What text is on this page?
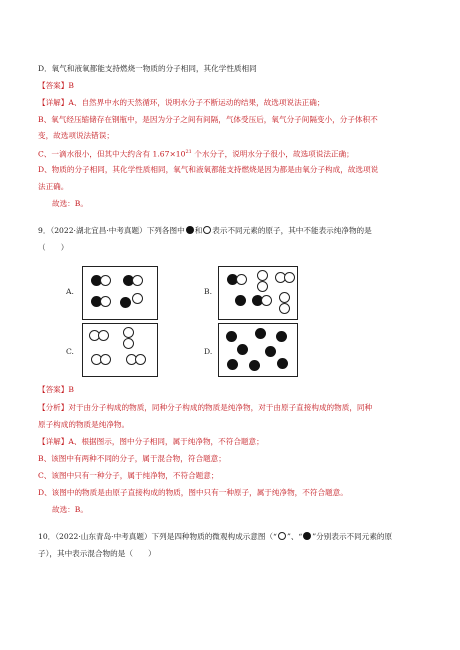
D．氧气和液氧都能支持燃烧一物质的分子相同，其化学性质相同
【答案】B
【详解】A、自然界中水的天然循环，说明水分子不断运动的结果，故选项说法正确；
B、氧气经压缩储存在钢瓶中，是因为分子之间有间隔，气体受压后，氧气分子间隔变小，分子体积不
变，故选项说法错误；
C、一滴水很小，但其中大约含有 $1.67\times 10^{21}$ 个水分子，说明水分子很小，故选项说法正确；
D、物质的分子相同，其化学性质相同，氧气和液氧都能支持燃烧是因为都是由氧分子构成，故选项说
法正确。
故选：B。
9．（2022·湖北宜昌·中考真题）下列各图中 和 表示不同元素的原子，其中不能表示纯净物的是
（　　）
A.	B.
C.	D.
【答案】B
【分析】对于由分子构成的物质，同种分子构成的物质是纯净物，对于由原子直接构成的物质，同种
原子构成的物质是纯净物。
【详解】A、根据图示，图中分子相同，属于纯净物，不符合题意；
B、该图中有两种不同的分子，属于混合物，符合题意；
C、该图中只有一种分子，属于纯净物，不符合题意；
D、该图中的物质是由原子直接构成的物质，图中只有一种原子，属于纯净物，不符合题意。
故选：B。
10．（2022·山东青岛·中考真题）下列是四种物质的微观构成示意图（“ ”、“ ”分别表示不同元素的原
子），其中表示混合物的是（　　）
